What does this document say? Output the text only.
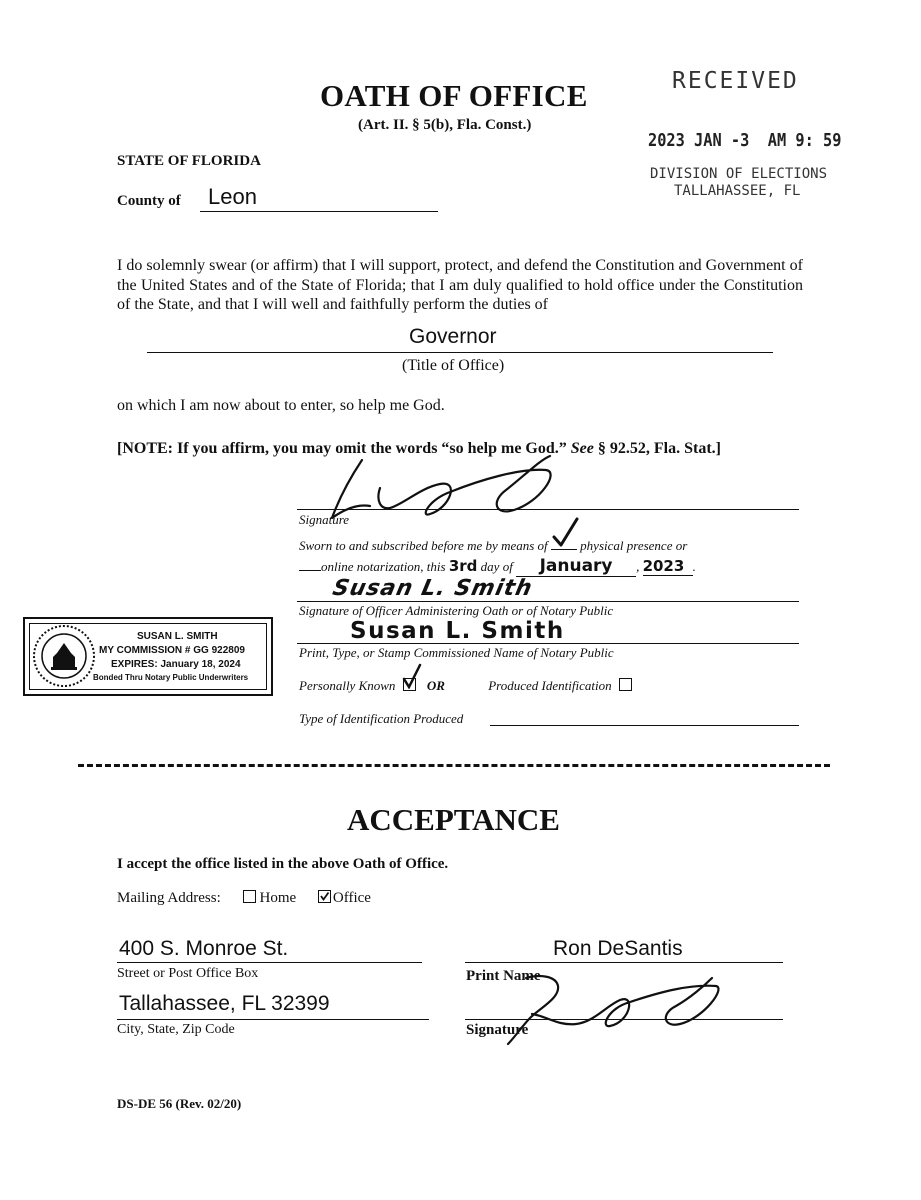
OATH OF OFFICE
(Art. II. § 5(b), Fla. Const.)
RECEIVED
2023 JAN -3  AM 9: 59
DIVISION OF ELECTIONS
TALLAHASSEE, FL
STATE OF FLORIDA
County of Leon
I do solemnly swear (or affirm) that I will support, protect, and defend the Constitution and Government of the United States and of the State of Florida; that I am duly qualified to hold office under the Constitution of the State, and that I will well and faithfully perform the duties of
Governor
(Title of Office)
on which I am now about to enter, so help me God.
[NOTE: If you affirm, you may omit the words “so help me God.” See § 92.52, Fla. Stat.]
Signature
Sworn to and subscribed before me by means of	physical presence or
online notarization, this 3rd day of January , 2023 .
Susan L. Smith
Signature of Officer Administering Oath or of Notary Public
Susan L. Smith
Print, Type, or Stamp Commissioned Name of Notary Public
Personally Known OR	Produced Identification
Type of Identification Produced
SUSAN L. SMITH
MY COMMISSION # GG 922809
EXPIRES: January 18, 2024
Bonded Thru Notary Public Underwriters
ACCEPTANCE
I accept the office listed in the above Oath of Office.
Mailing Address:	Home Office
400 S. Monroe St.
Street or Post Office Box
Tallahassee, FL 32399
City, State, Zip Code
Ron DeSantis
Print Name
Signature
DS-DE 56 (Rev. 02/20)
